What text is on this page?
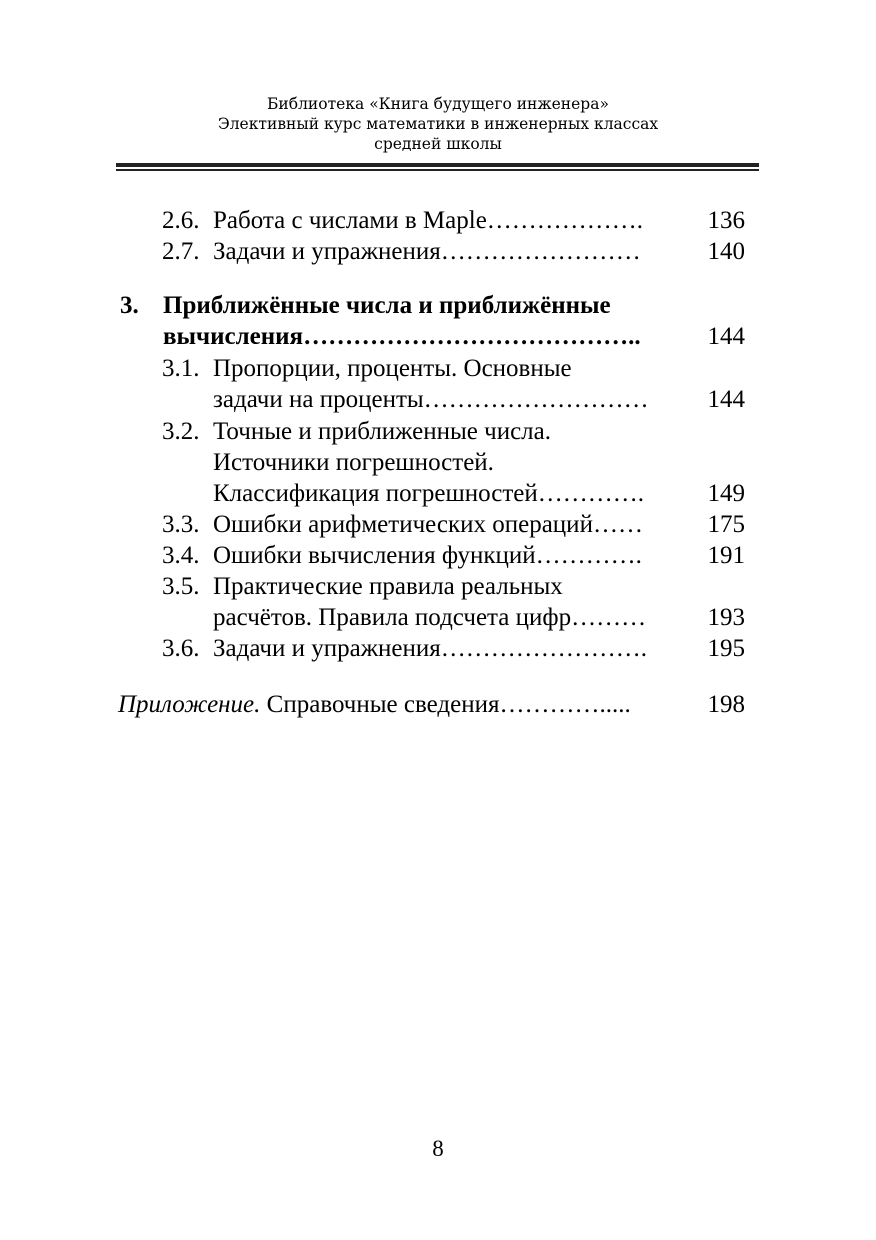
Библиотека «Книга будущего инженера»
Элективный курс математики в инженерных классах
средней школы
2.6. Работа с числами в Maple……………….	136
2.7. Задачи и упражнения……………………	140
3. Приближённые числа и приближённые
вычисления…………………………………..	144
3.1. Пропорции, проценты. Основные
задачи на проценты……………………… 144
3.2. Точные и приближенные числа.
Источники погрешностей.
Классификация погрешностей………….	149
3.3. Ошибки арифметических операций……	175
3.4. Ошибки вычисления функций………….	191
3.5. Практические правила реальных
расчётов. Правила подсчета цифр……… 193
3.6. Задачи и упражнения……………………. 195
Приложение. Справочные сведения………….....	198
8
